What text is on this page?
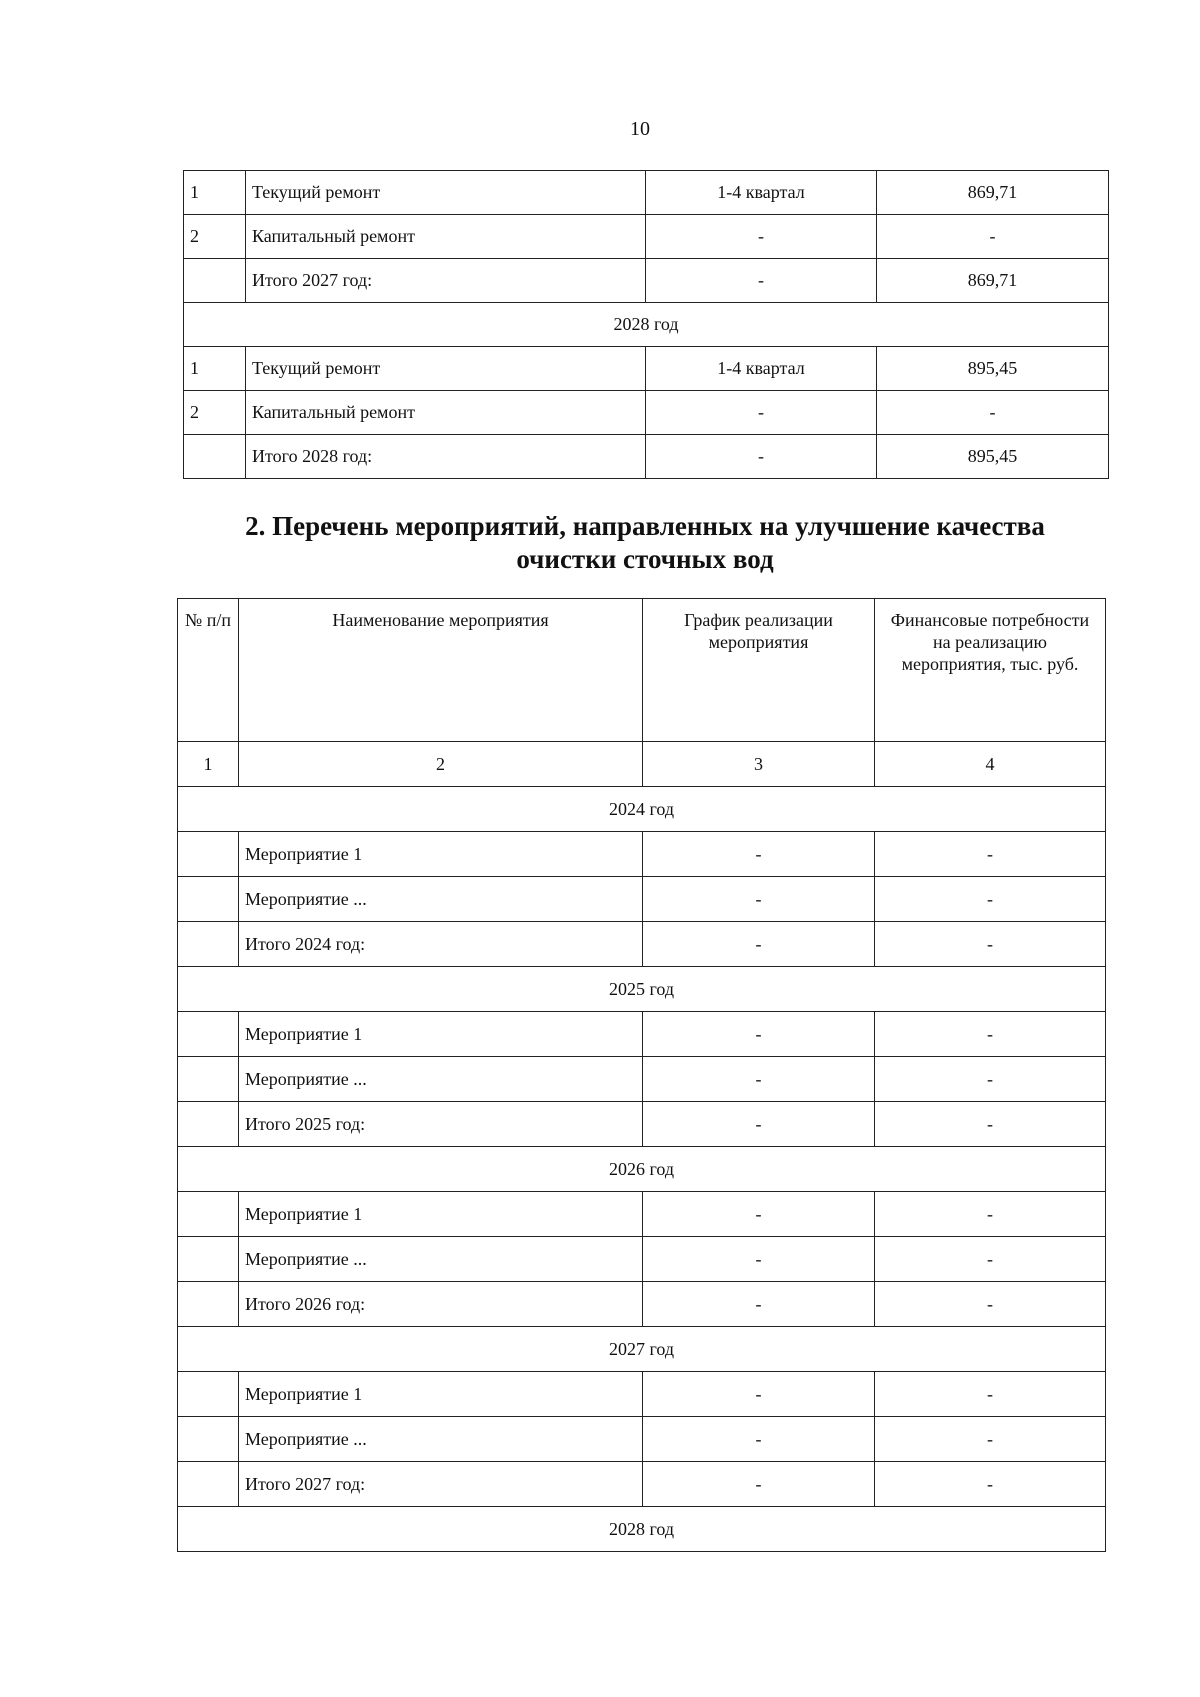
10
1	Текущий ремонт	1-4 квартал	869,71
2	Капитальный ремонт	-	-
	Итого 2027 год:	-	869,71
2028 год			
1	Текущий ремонт	1-4 квартал	895,45
2	Капитальный ремонт	-	-
	Итого 2028 год:	-	895,45
2. Перечень мероприятий, направленных на улучшение качества
очистки сточных вод
№ п/п	Наименование мероприятия	График реализации мероприятия	Финансовые потребности на реализацию мероприятия, тыс. руб.
1	2	3	4
2024 год			
	Мероприятие 1	-	-
	Мероприятие ...	-	-
	Итого 2024 год:	-	-
2025 год			
	Мероприятие 1	-	-
	Мероприятие ...	-	-
	Итого 2025 год:	-	-
2026 год			
	Мероприятие 1	-	-
	Мероприятие ...	-	-
	Итого 2026 год:	-	-
2027 год			
	Мероприятие 1	-	-
	Мероприятие ...	-	-
	Итого 2027 год:	-	-
2028 год			
